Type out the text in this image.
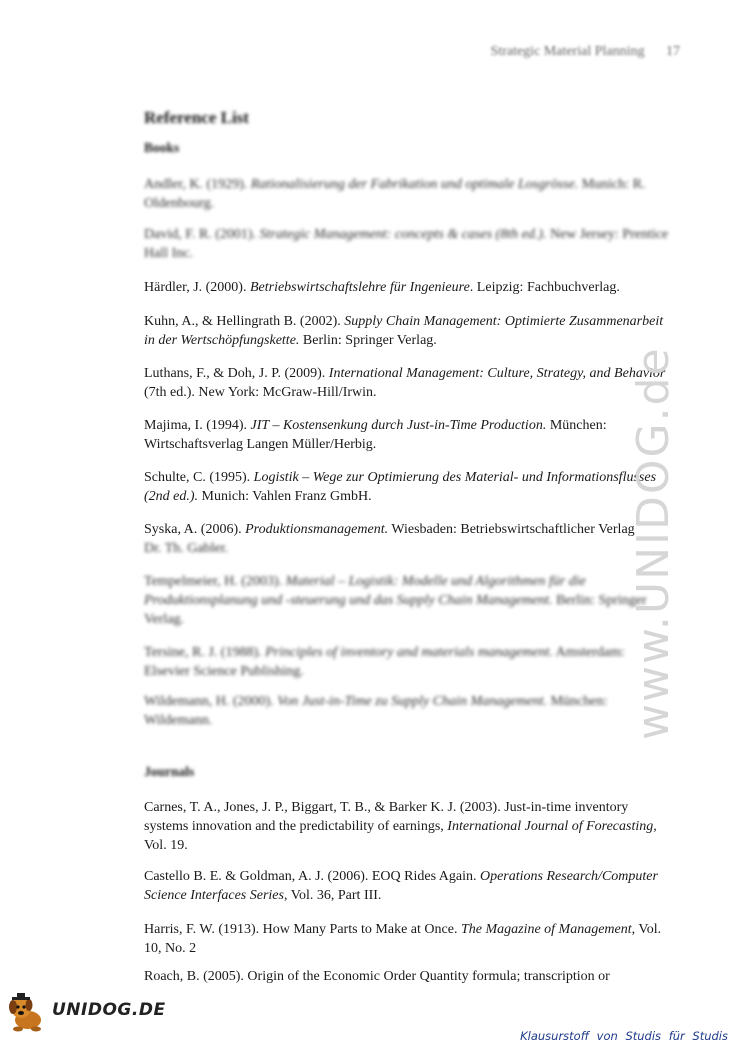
Strategic Material Planning 17
Reference List
Books

Andler, K. (1929). Rationalisierung der Fabrikation und optimale Losgrösse. Munich: R. Oldenbourg.

David, F. R. (2001). Strategic Management: concepts & cases (8th ed.). New Jersey: Prentice Hall Inc.

Härdler, J. (2000). Betriebswirtschaftslehre für Ingenieure. Leipzig: Fachbuchverlag.

Kuhn, A., & Hellingrath B. (2002). Supply Chain Management: Optimierte Zusammenarbeit in der Wertschöpfungskette. Berlin: Springer Verlag.

Luthans, F., & Doh, J. P. (2009). International Management: Culture, Strategy, and Behavior (7th ed.). New York: McGraw-Hill/Irwin.

Majima, I. (1994). JIT – Kostensenkung durch Just-in-Time Production. München: Wirtschaftsverlag Langen Müller/Herbig.

Schulte, C. (1995). Logistik – Wege zur Optimierung des Material- und Informationsflusses (2nd ed.). Munich: Vahlen Franz GmbH.

Syska, A. (2006). Produktionsmanagement. Wiesbaden: Betriebswirtschaftlicher Verlag

Dr. Th. Gabler.

Tempelmeier, H. (2003). Material – Logistik: Modelle und Algorithmen für die Produktionsplanung und -steuerung und das Supply Chain Management. Berlin: Springer Verlag.

Tersine, R. J. (1988). Principles of inventory and materials management. Amsterdam: Elsevier Science Publishing.

Wildemann, H. (2000). Von Just-in-Time zu Supply Chain Management. München: Wildemann.

Journals

Carnes, T. A., Jones, J. P., Biggart, T. B., & Barker K. J. (2003). Just-in-time inventory systems innovation and the predictability of earnings, International Journal of Forecasting, Vol. 19.

Castello B. E. & Goldman, A. J. (2006). EOQ Rides Again. Operations Research/Computer Science Interfaces Series, Vol. 36, Part III.

Harris, F. W. (1913). How Many Parts to Make at Once. The Magazine of Management, Vol. 10, No. 2

Roach, B. (2005). Origin of the Economic Order Quantity formula; transcription or

www.UNIDOG.de
UNIDOG.DE
Klausurstoff von Studis für Studis
